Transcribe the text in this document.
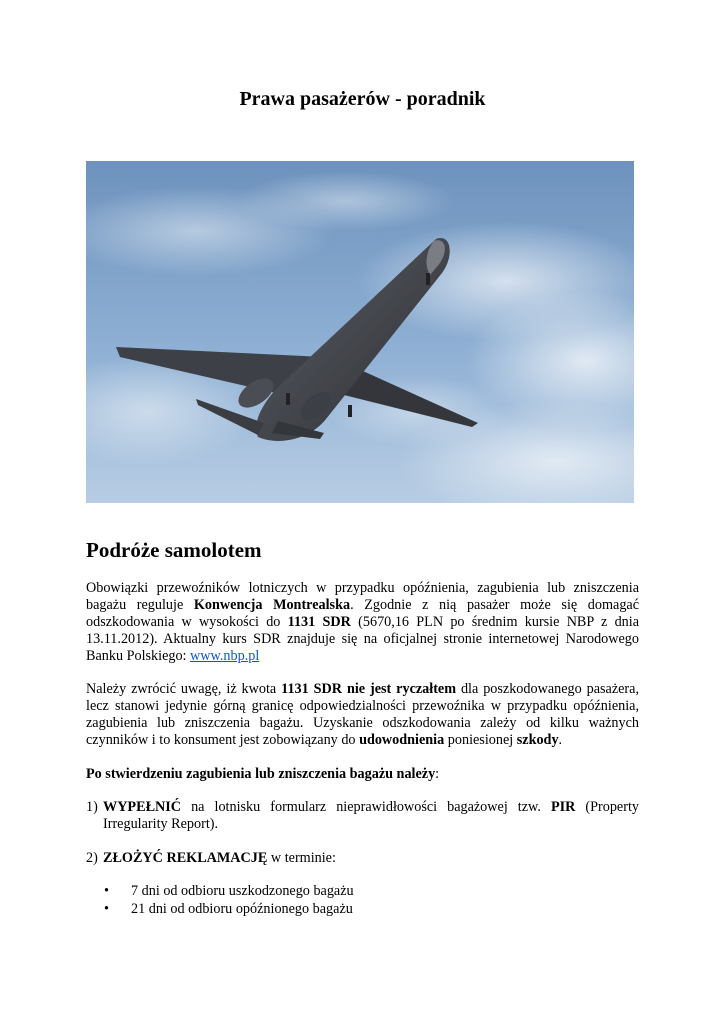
Prawa pasażerów - poradnik
Podróże samolotem

Obowiązki przewoźników lotniczych w przypadku opóźnienia, zagubienia lub zniszczenia bagażu reguluje Konwencja Montrealska. Zgodnie z nią pasażer może się domagać odszkodowania w wysokości do 1131 SDR (5670,16 PLN po średnim kursie NBP z dnia 13.11.2012). Aktualny kurs SDR znajduje się na oficjalnej stronie internetowej Narodowego Banku Polskiego: www.nbp.pl

Należy zwrócić uwagę, iż kwota 1131 SDR nie jest ryczałtem dla poszkodowanego pasażera, lecz stanowi jedynie górną granicę odpowiedzialności przewoźnika w przypadku opóźnienia, zagubienia lub zniszczenia bagażu. Uzyskanie odszkodowania zależy od kilku ważnych czynników i to konsument jest zobowiązany do udowodnienia poniesionej szkody.

Po stwierdzeniu zagubienia lub zniszczenia bagażu należy:

1) WYPEŁNIĆ na lotnisku formularz nieprawidłowości bagażowej tzw. PIR (Property Irregularity Report).
2) ZŁOŻYĆ REKLAMACJĘ w terminie:
• 7 dni od odbioru uszkodzonego bagażu
• 21 dni od odbioru opóźnionego bagażu
